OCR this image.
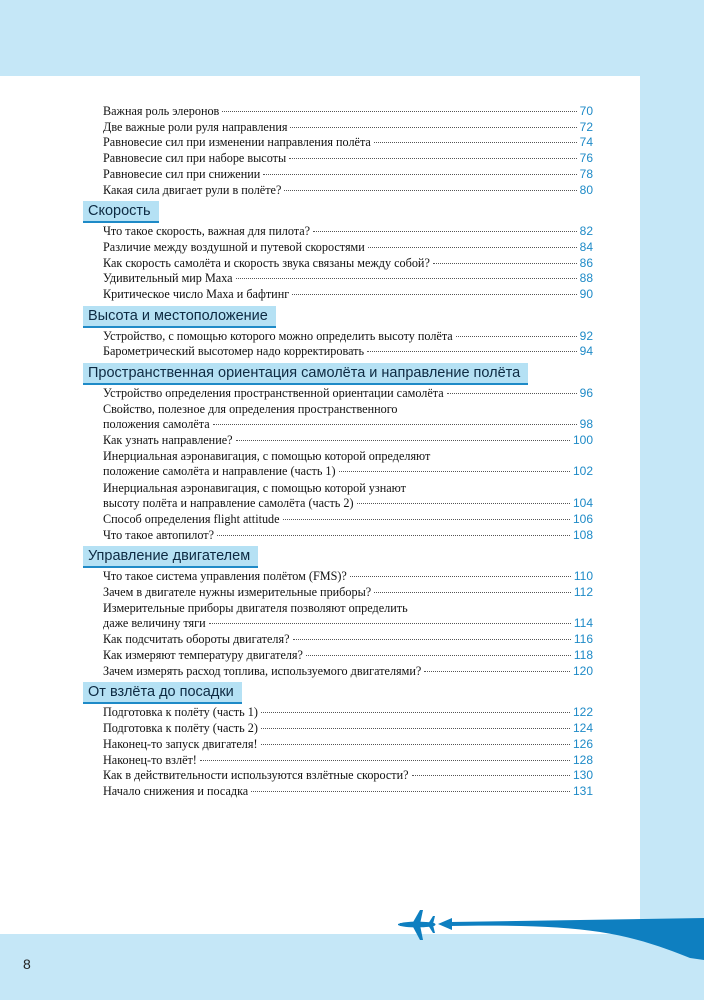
Важная роль элеронов	70
Две важные роли руля направления	72
Равновесие сил при изменении направления полёта	74
Равновесие сил при наборе высоты	76
Равновесие сил при снижении	78
Какая сила двигает рули в полёте?	80
Скорость
Что такое скорость, важная для пилота?	82
Различие между воздушной и путевой скоростями	84
Как скорость самолёта и скорость звука связаны между собой?	86
Удивительный мир Маха	88
Критическое число Маха и бафтинг	90
Высота и местоположение
Устройство, с помощью которого можно определить высоту полёта	92
Барометрический высотомер надо корректировать	94
Пространственная ориентация самолёта и направление полёта
Устройство определения пространственной ориентации самолёта	96
Свойство, полезное для определения пространственного
положения самолёта	98
Как узнать направление?	100
Инерциальная аэронавигация, с помощью которой определяют
положение самолёта и направление (часть 1)	102
Инерциальная аэронавигация, с помощью которой узнают
высоту полёта и направление самолёта (часть 2)	104
Способ определения flight attitude	106
Что такое автопилот?	108
Управление двигателем
Что такое система управления полётом (FMS)?	110
Зачем в двигателе нужны измерительные приборы?	112
Измерительные приборы двигателя позволяют определить
даже величину тяги	114
Как подсчитать обороты двигателя?	116
Как измеряют температуру двигателя?	118
Зачем измерять расход топлива, используемого двигателями?	120
От взлёта до посадки
Подготовка к полёту (часть 1)	122
Подготовка к полёту (часть 2)	124
Наконец-то запуск двигателя!	126
Наконец-то взлёт!	128
Как в действительности используются взлётные скорости?	130
Начало снижения и посадка	131
8
